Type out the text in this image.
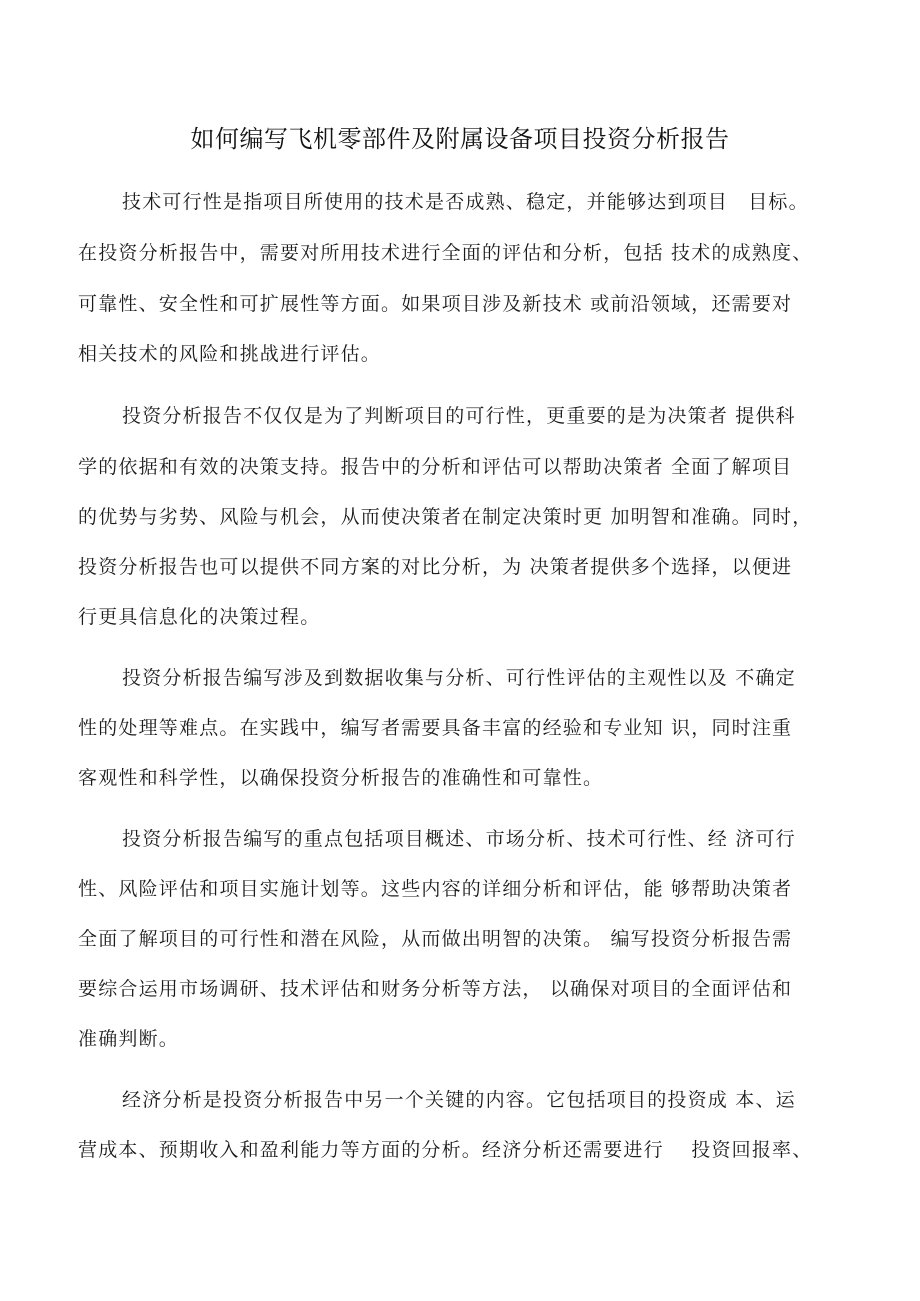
如何编写飞机零部件及附属设备项目投资分析报告
技术可行性是指项目所使用的技术是否成熟、稳定，并能够达到项目　目标。
在投资分析报告中，需要对所用技术进行全面的评估和分析，包括 技术的成熟度、
可靠性、安全性和可扩展性等方面。如果项目涉及新技术 或前沿领域，还需要对
相关技术的风险和挑战进行评估。
投资分析报告不仅仅是为了判断项目的可行性，更重要的是为决策者 提供科
学的依据和有效的决策支持。报告中的分析和评估可以帮助决策者 全面了解项目
的优势与劣势、风险与机会，从而使决策者在制定决策时更 加明智和准确。同时，
投资分析报告也可以提供不同方案的对比分析，为 决策者提供多个选择，以便进
行更具信息化的决策过程。
投资分析报告编写涉及到数据收集与分析、可行性评估的主观性以及 不确定
性的处理等难点。在实践中，编写者需要具备丰富的经验和专业知 识，同时注重
客观性和科学性，以确保投资分析报告的准确性和可靠性。
投资分析报告编写的重点包括项目概述、市场分析、技术可行性、经 济可行
性、风险评估和项目实施计划等。这些内容的详细分析和评估，能 够帮助决策者
全面了解项目的可行性和潜在风险，从而做出明智的决策。 编写投资分析报告需
要综合运用市场调研、技术评估和财务分析等方法， 以确保对项目的全面评估和
准确判断。
经济分析是投资分析报告中另一个关键的内容。它包括项目的投资成 本、运
营成本、预期收入和盈利能力等方面的分析。经济分析还需要进行　 投资回报率、
